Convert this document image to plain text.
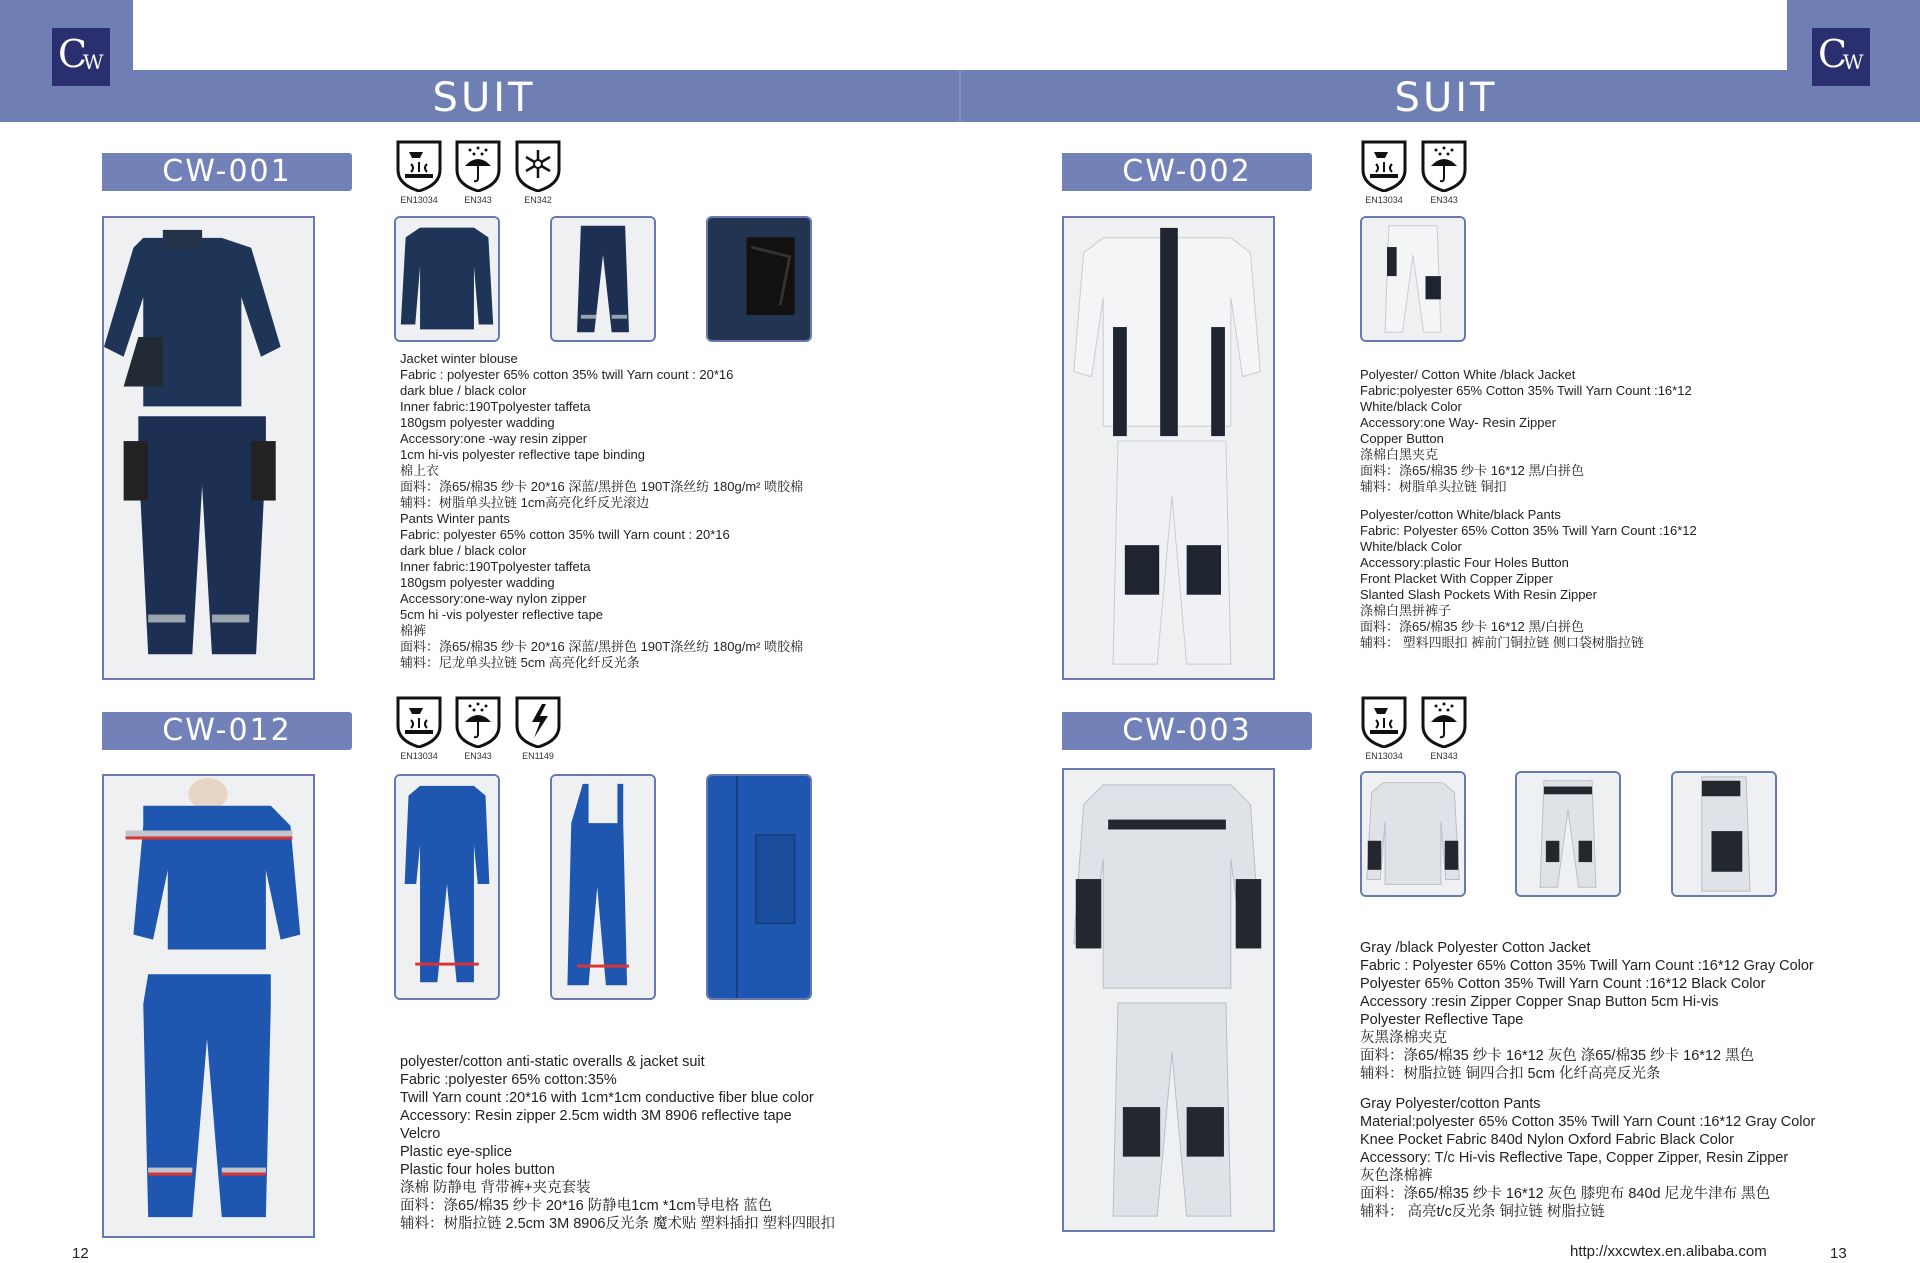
C
W	C
W
SUIT	SUIT
CW-001
EN13034	EN343	EN342
Jacket winter blouse
Fabric : polyester 65% cotton 35% twill Yarn count : 20*16
dark blue / black color
Inner fabric:190Tpolyester taffeta
180gsm polyester wadding
Accessory:one -way resin zipper
1cm hi-vis polyester reflective tape binding
棉上衣
面料：涤65/棉35 纱卡 20*16 深蓝/黑拼色 190T涤丝纺 180g/m² 喷胶棉
辅料：树脂单头拉链 1cm高亮化纤反光滚边
Pants Winter pants
Fabric: polyester 65% cotton 35% twill Yarn count : 20*16
dark blue / black color
Inner fabric:190Tpolyester taffeta
180gsm polyester wadding
Accessory:one-way nylon zipper
5cm hi -vis polyester reflective tape
棉裤
面料：涤65/棉35 纱卡 20*16 深蓝/黑拼色 190T涤丝纺 180g/m² 喷胶棉
辅料：尼龙单头拉链 5cm 高亮化纤反光条
CW-012
EN13034	EN343	EN1149
polyester/cotton anti-static overalls & jacket suit
Fabric :polyester 65% cotton:35%
Twill Yarn count :20*16 with 1cm*1cm conductive fiber blue color
Accessory: Resin zipper 2.5cm width 3M 8906 reflective tape
Velcro
Plastic eye-splice
Plastic four holes button
涤棉 防静电 背带裤+夹克套装
面料：涤65/棉35 纱卡 20*16 防静电1cm *1cm导电格 蓝色
辅料：树脂拉链 2.5cm 3M 8906反光条 魔术贴 塑料插扣 塑料四眼扣
CW-002
EN13034	EN343
Polyester/ Cotton White /black Jacket
Fabric:polyester 65% Cotton 35% Twill Yarn Count :16*12
White/black Color
Accessory:one Way- Resin Zipper
Copper Button
涤棉白黑夹克
面料：涤65/棉35 纱卡 16*12 黑/白拼色
辅料：树脂单头拉链 铜扣
Polyester/cotton White/black Pants
Fabric: Polyester 65% Cotton 35% Twill Yarn Count :16*12
White/black Color
Accessory:plastic Four Holes Button
Front Placket With Copper Zipper
Slanted Slash Pockets With Resin Zipper
涤棉白黑拼裤子
面料：涤65/棉35 纱卡 16*12 黑/白拼色
辅料： 塑料四眼扣 裤前门铜拉链 侧口袋树脂拉链
CW-003
EN13034	EN343
Gray /black Polyester Cotton Jacket
Fabric : Polyester 65% Cotton 35% Twill Yarn Count :16*12 Gray Color
Polyester 65% Cotton 35% Twill Yarn Count :16*12 Black Color
Accessory :resin Zipper Copper Snap Button 5cm Hi-vis
Polyester Reflective Tape
灰黑涤棉夹克
面料：涤65/棉35 纱卡 16*12 灰色 涤65/棉35 纱卡 16*12 黑色
辅料：树脂拉链 铜四合扣 5cm 化纤高亮反光条
Gray Polyester/cotton Pants
Material:polyester 65% Cotton 35% Twill Yarn Count :16*12 Gray Color
Knee Pocket Fabric 840d Nylon Oxford Fabric Black Color
Accessory: T/c Hi-vis Reflective Tape, Copper Zipper, Resin Zipper
灰色涤棉裤
面料：涤65/棉35 纱卡 16*12 灰色 膝兜布 840d 尼龙牛津布 黑色
辅料： 高亮t/c反光条 铜拉链 树脂拉链
12	http://xxcwtex.en.alibaba.com	13
